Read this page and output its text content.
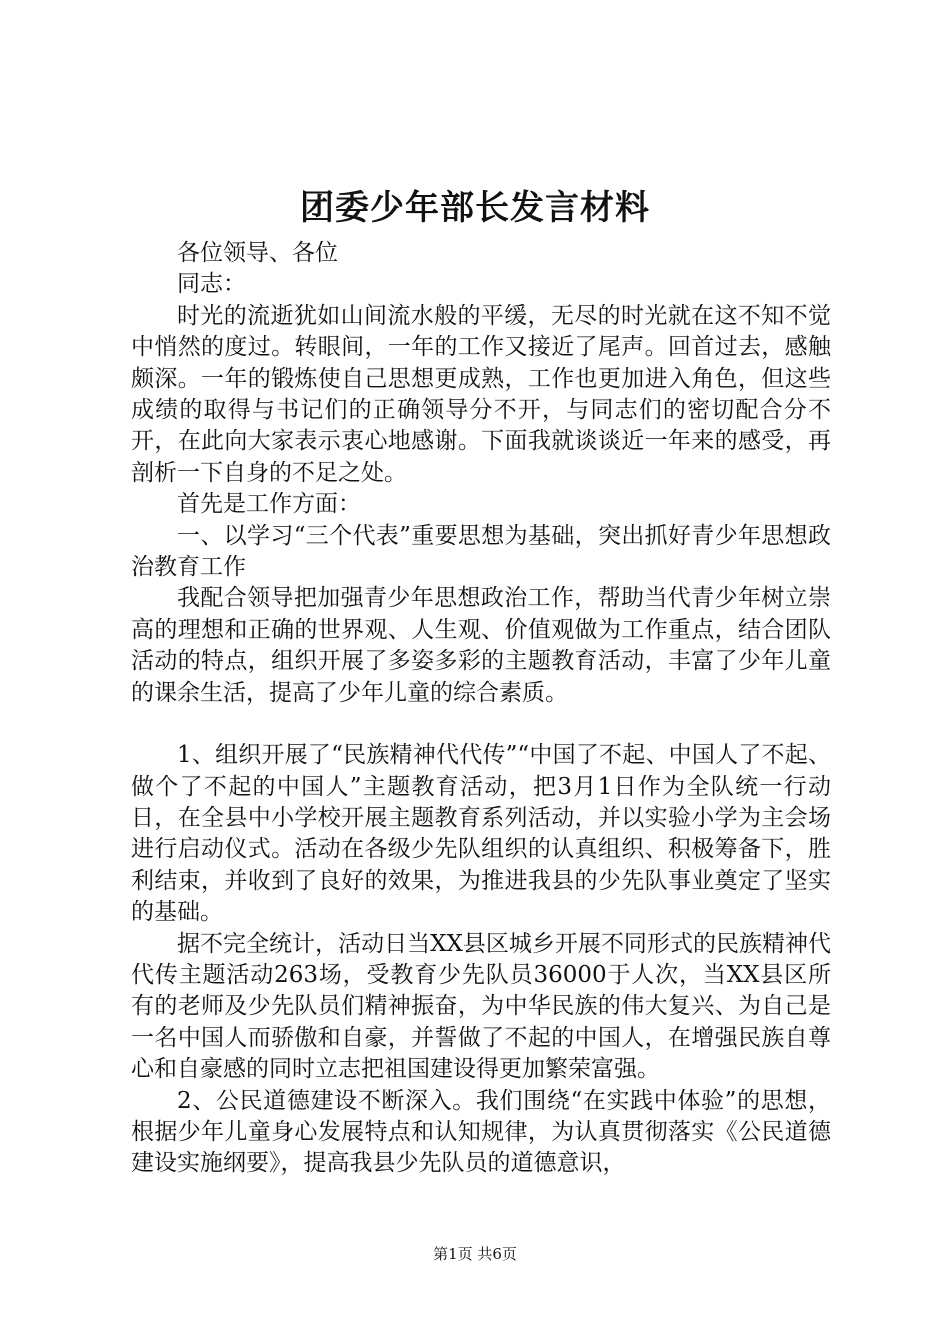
团委少年部长发言材料

各位领导、各位

同志：

时光的流逝犹如山间流水般的平缓，无尽的时光就在这不知不觉中悄然的度过。转眼间，一年的工作又接近了尾声。回首过去，感触颇深。一年的锻炼使自己思想更成熟，工作也更加进入角色，但这些成绩的取得与书记们的正确领导分不开，与同志们的密切配合分不开，在此向大家表示衷心地感谢。下面我就谈谈近一年来的感受，再剖析一下自身的不足之处。

首先是工作方面：

一、以学习“三个代表”重要思想为基础，突出抓好青少年思想政治教育工作

我配合领导把加强青少年思想政治工作，帮助当代青少年树立崇高的理想和正确的世界观、人生观、价值观做为工作重点，结合团队活动的特点，组织开展了多姿多彩的主题教育活动，丰富了少年儿童的课余生活，提高了少年儿童的综合素质。

1、组织开展了“民族精神代代传”“中国了不起、中国人了不起、做个了不起的中国人”主题教育活动，把3月1日作为全队统一行动日，在全县中小学校开展主题教育系列活动，并以实验小学为主会场进行启动仪式。活动在各级少先队组织的认真组织、积极筹备下，胜利结束，并收到了良好的效果，为推进我县的少先队事业奠定了坚实的基础。

据不完全统计，活动日当XX县区城乡开展不同形式的民族精神代代传主题活动263场，受教育少先队员36000于人次，当XX县区所有的老师及少先队员们精神振奋，为中华民族的伟大复兴、为自己是一名中国人而骄傲和自豪，并誓做了不起的中国人，在增强民族自尊心和自豪感的同时立志把祖国建设得更加繁荣富强。

2、公民道德建设不断深入。我们围绕“在实践中体验”的思想，根据少年儿童身心发展特点和认知规律，为认真贯彻落实《公民道德建设实施纲要》，提高我县少先队员的道德意识，

第1页 共6页
